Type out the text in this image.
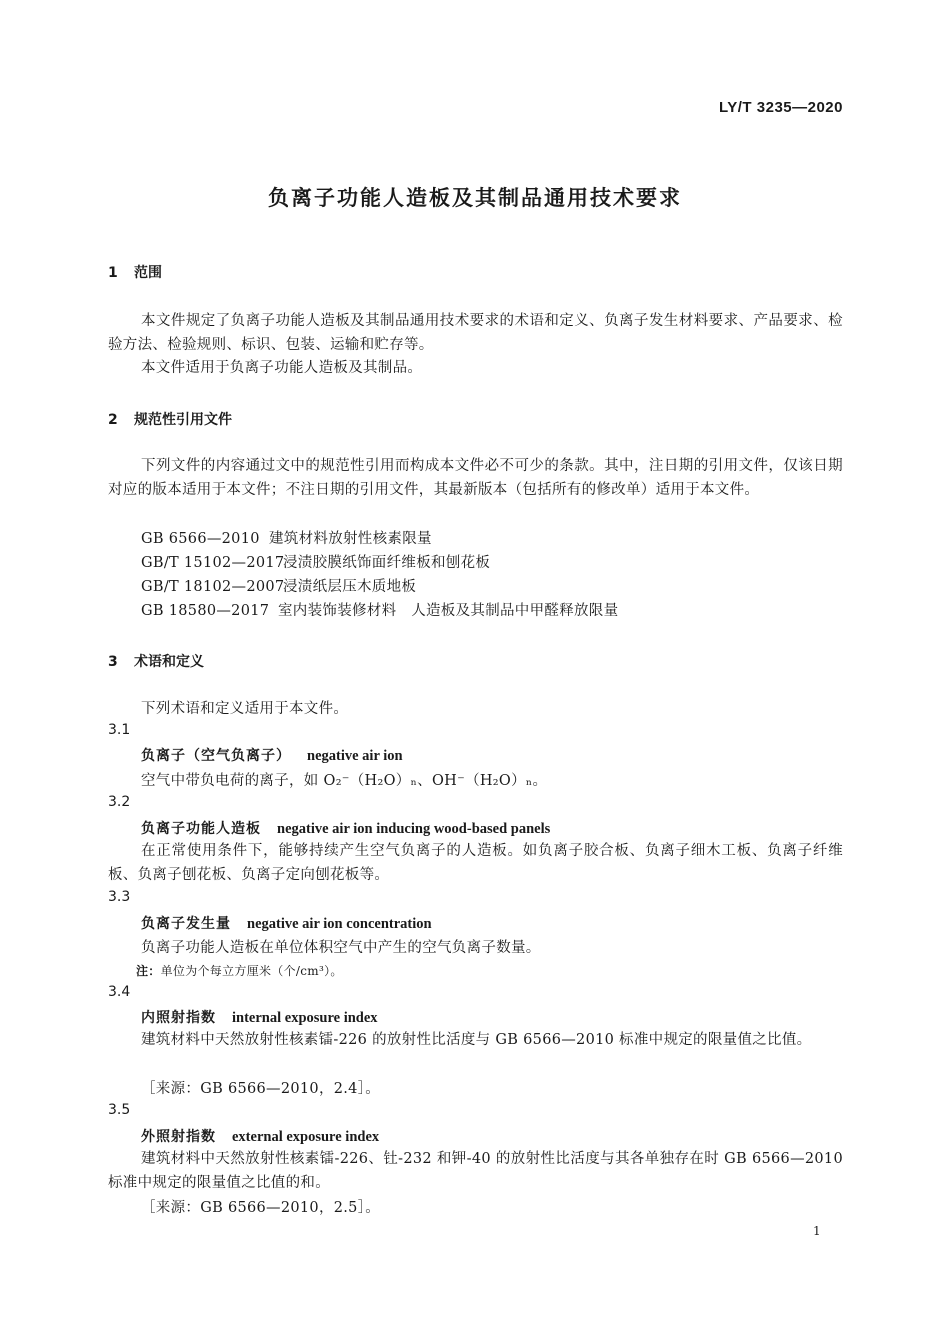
LY/T 3235—2020
负离子功能人造板及其制品通用技术要求
1 范围
本文件规定了负离子功能人造板及其制品通用技术要求的术语和定义、负离子发生材料要求、产品要求、检验方法、检验规则、标识、包装、运输和贮存等。
本文件适用于负离子功能人造板及其制品。
2 规范性引用文件
下列文件的内容通过文中的规范性引用而构成本文件必不可少的条款。其中，注日期的引用文件，仅该日期对应的版本适用于本文件；不注日期的引用文件，其最新版本（包括所有的修改单）适用于本文件。
GB 6566—2010 建筑材料放射性核素限量
GB/T 15102—2017浸渍胶膜纸饰面纤维板和刨花板
GB/T 18102—2007浸渍纸层压木质地板
GB 18580—2017 室内装饰装修材料　人造板及其制品中甲醛释放限量
3 术语和定义
下列术语和定义适用于本文件。
3.1
负离子（空气负离子） negative air ion
空气中带负电荷的离子，如 O₂⁻（H₂O）ₙ、OH⁻（H₂O）ₙ。
3.2
负离子功能人造板 negative air ion inducing wood-based panels
在正常使用条件下，能够持续产生空气负离子的人造板。如负离子胶合板、负离子细木工板、负离子纤维板、负离子刨花板、负离子定向刨花板等。
3.3
负离子发生量 negative air ion concentration
负离子功能人造板在单位体积空气中产生的空气负离子数量。
注：单位为个每立方厘米（个/cm³）。
3.4
内照射指数 internal exposure index
建筑材料中天然放射性核素镭-226 的放射性比活度与 GB 6566—2010 标准中规定的限量值之比值。
［来源：GB 6566—2010，2.4］。
3.5
外照射指数 external exposure index
建筑材料中天然放射性核素镭-226、钍-232 和钾-40 的放射性比活度与其各单独存在时 GB 6566—2010 标准中规定的限量值之比值的和。
［来源：GB 6566—2010，2.5］。
1
